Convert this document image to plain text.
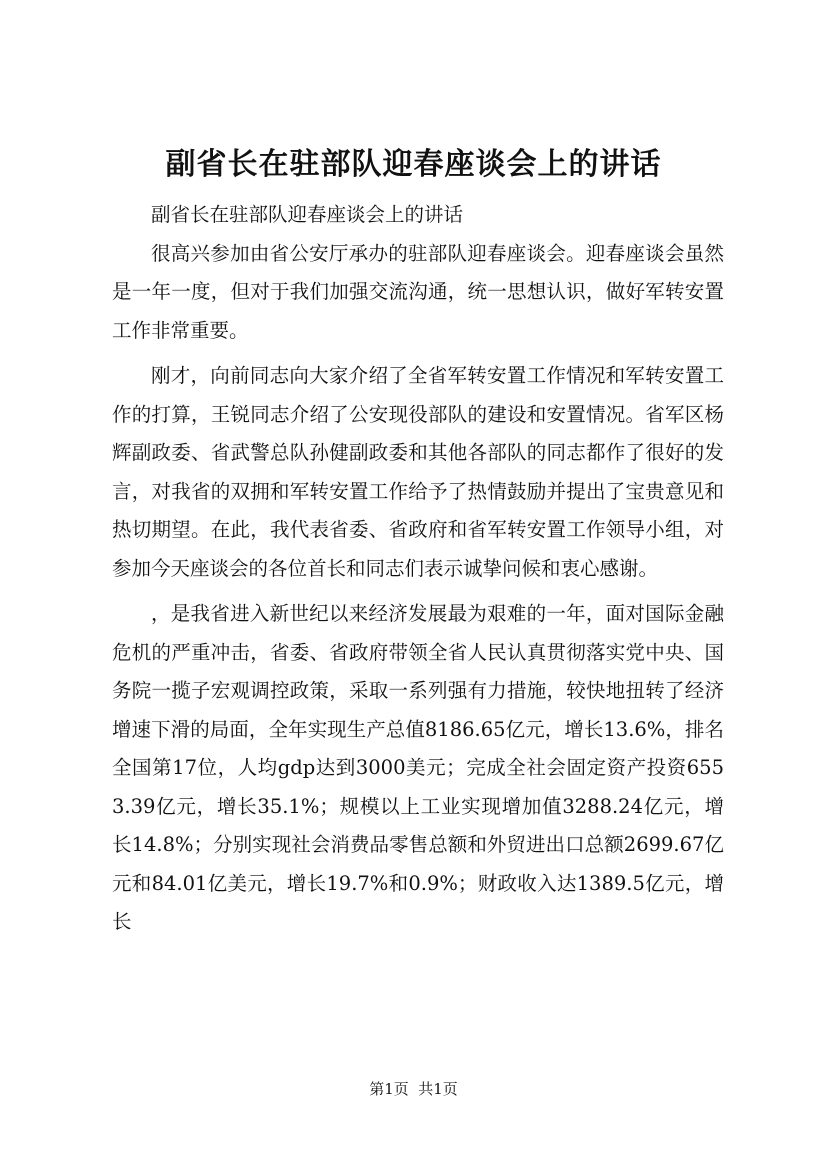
副省长在驻部队迎春座谈会上的讲话

副省长在驻部队迎春座谈会上的讲话

很高兴参加由省公安厅承办的驻部队迎春座谈会。迎春座谈会虽然是一年一度，但对于我们加强交流沟通，统一思想认识，做好军转安置工作非常重要。

刚才，向前同志向大家介绍了全省军转安置工作情况和军转安置工作的打算，王锐同志介绍了公安现役部队的建设和安置情况。省军区杨辉副政委、省武警总队孙健副政委和其他各部队的同志都作了很好的发言，对我省的双拥和军转安置工作给予了热情鼓励并提出了宝贵意见和热切期望。在此，我代表省委、省政府和省军转安置工作领导小组，对参加今天座谈会的各位首长和同志们表示诚挚问候和衷心感谢。

，是我省进入新世纪以来经济发展最为艰难的一年，面对国际金融危机的严重冲击，省委、省政府带领全省人民认真贯彻落实党中央、国务院一揽子宏观调控政策，采取一系列强有力措施，较快地扭转了经济增速下滑的局面，全年实现生产总值8186.65亿元，增长13.6%，排名全国第17位，人均gdp达到3000美元；完成全社会固定资产投资6553.39亿元，增长35.1%；规模以上工业实现增加值3288.24亿元，增长14.8%；分别实现社会消费品零售总额和外贸进出口总额2699.67亿元和84.01亿美元，增长19.7%和0.9%；财政收入达1389.5亿元，增长

第1页  共1页
